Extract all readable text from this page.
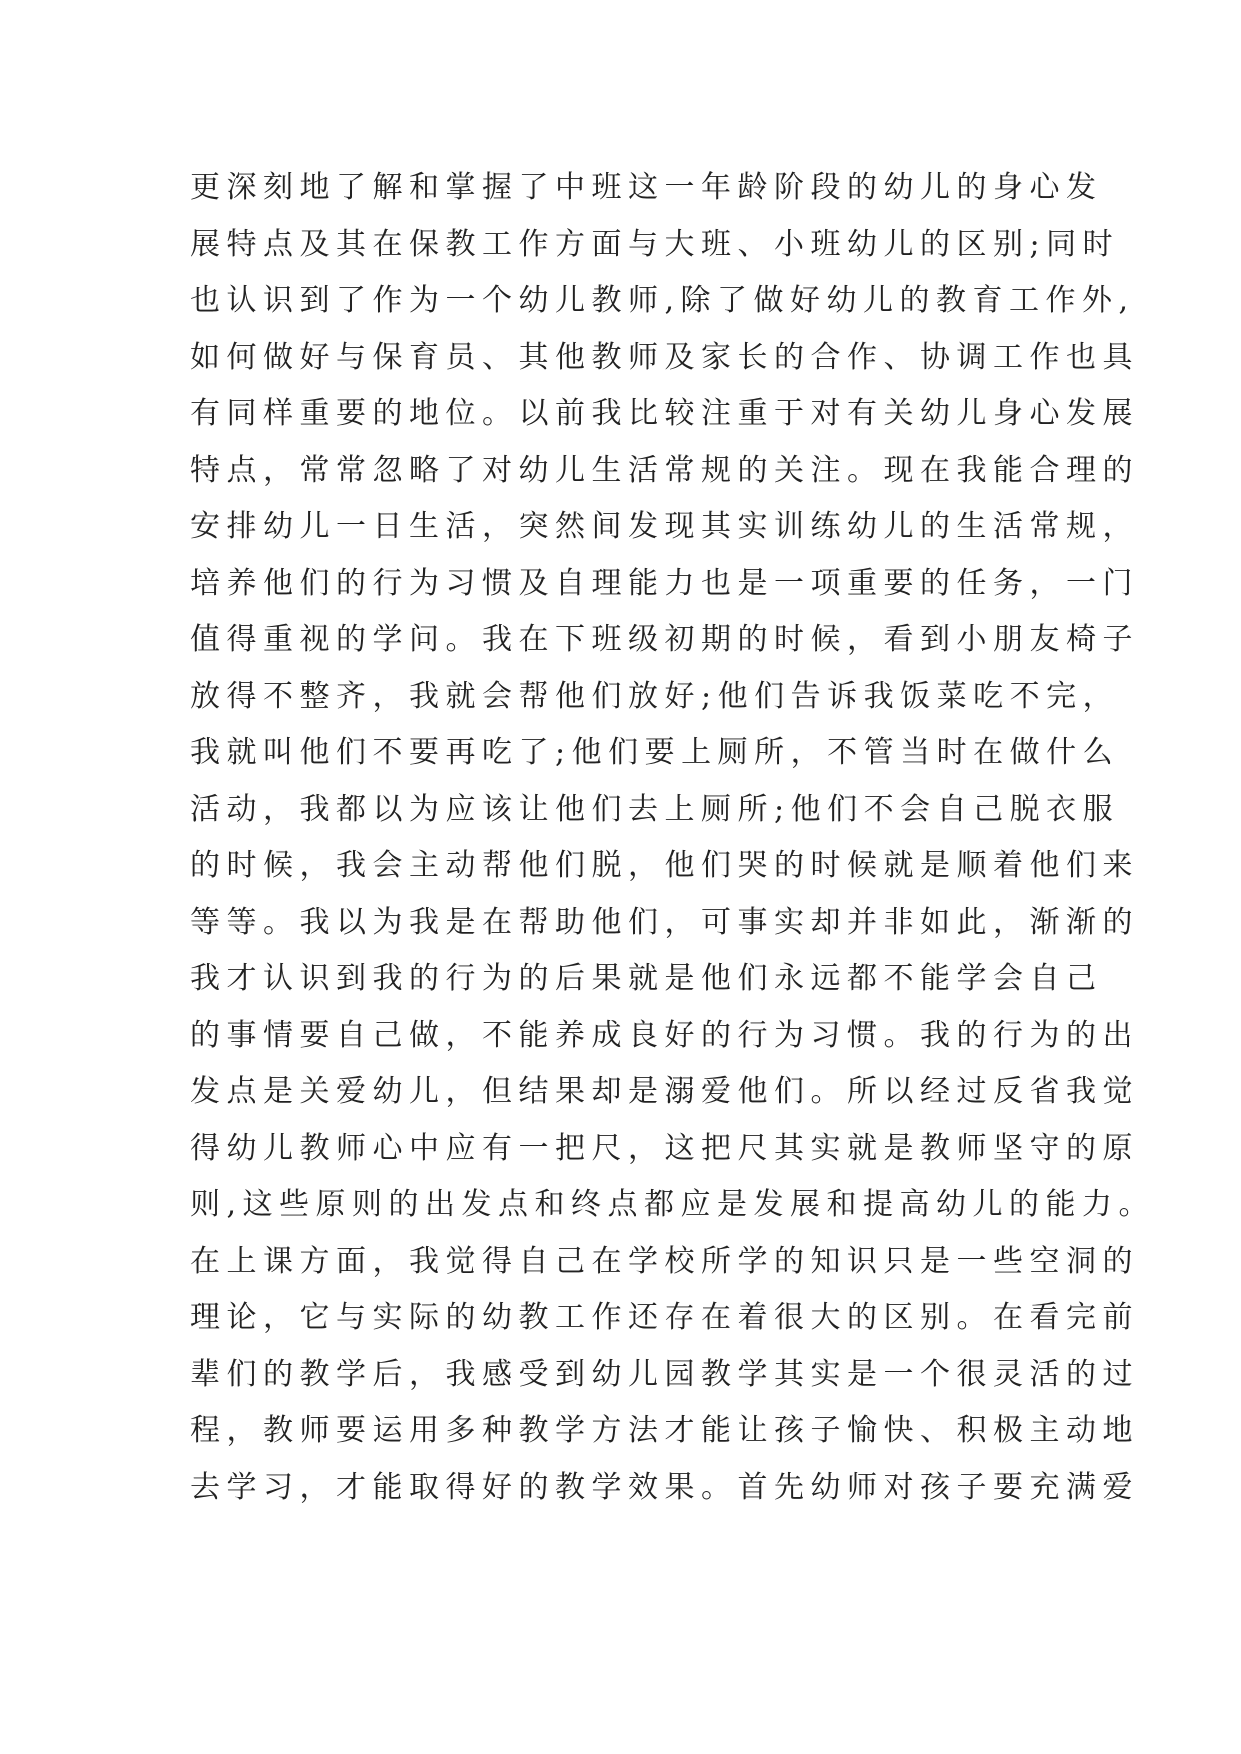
更深刻地了解和掌握了中班这一年龄阶段的幼儿的身心发
展特点及其在保教工作方面与大班、小班幼儿的区别;同时
也认识到了作为一个幼儿教师,除了做好幼儿的教育工作外,
如何做好与保育员、其他教师及家长的合作、协调工作也具
有同样重要的地位。以前我比较注重于对有关幼儿身心发展
特点，常常忽略了对幼儿生活常规的关注。现在我能合理的
安排幼儿一日生活，突然间发现其实训练幼儿的生活常规，
培养他们的行为习惯及自理能力也是一项重要的任务，一门
值得重视的学问。我在下班级初期的时候，看到小朋友椅子
放得不整齐，我就会帮他们放好;他们告诉我饭菜吃不完，
我就叫他们不要再吃了;他们要上厕所，不管当时在做什么
活动，我都以为应该让他们去上厕所;他们不会自己脱衣服
的时候，我会主动帮他们脱，他们哭的时候就是顺着他们来
等等。我以为我是在帮助他们，可事实却并非如此，渐渐的
我才认识到我的行为的后果就是他们永远都不能学会自己
的事情要自己做，不能养成良好的行为习惯。我的行为的出
发点是关爱幼儿，但结果却是溺爱他们。所以经过反省我觉
得幼儿教师心中应有一把尺，这把尺其实就是教师坚守的原
则,这些原则的出发点和终点都应是发展和提高幼儿的能力。
在上课方面，我觉得自己在学校所学的知识只是一些空洞的
理论，它与实际的幼教工作还存在着很大的区别。在看完前
辈们的教学后，我感受到幼儿园教学其实是一个很灵活的过
程，教师要运用多种教学方法才能让孩子愉快、积极主动地
去学习，才能取得好的教学效果。首先幼师对孩子要充满爱
